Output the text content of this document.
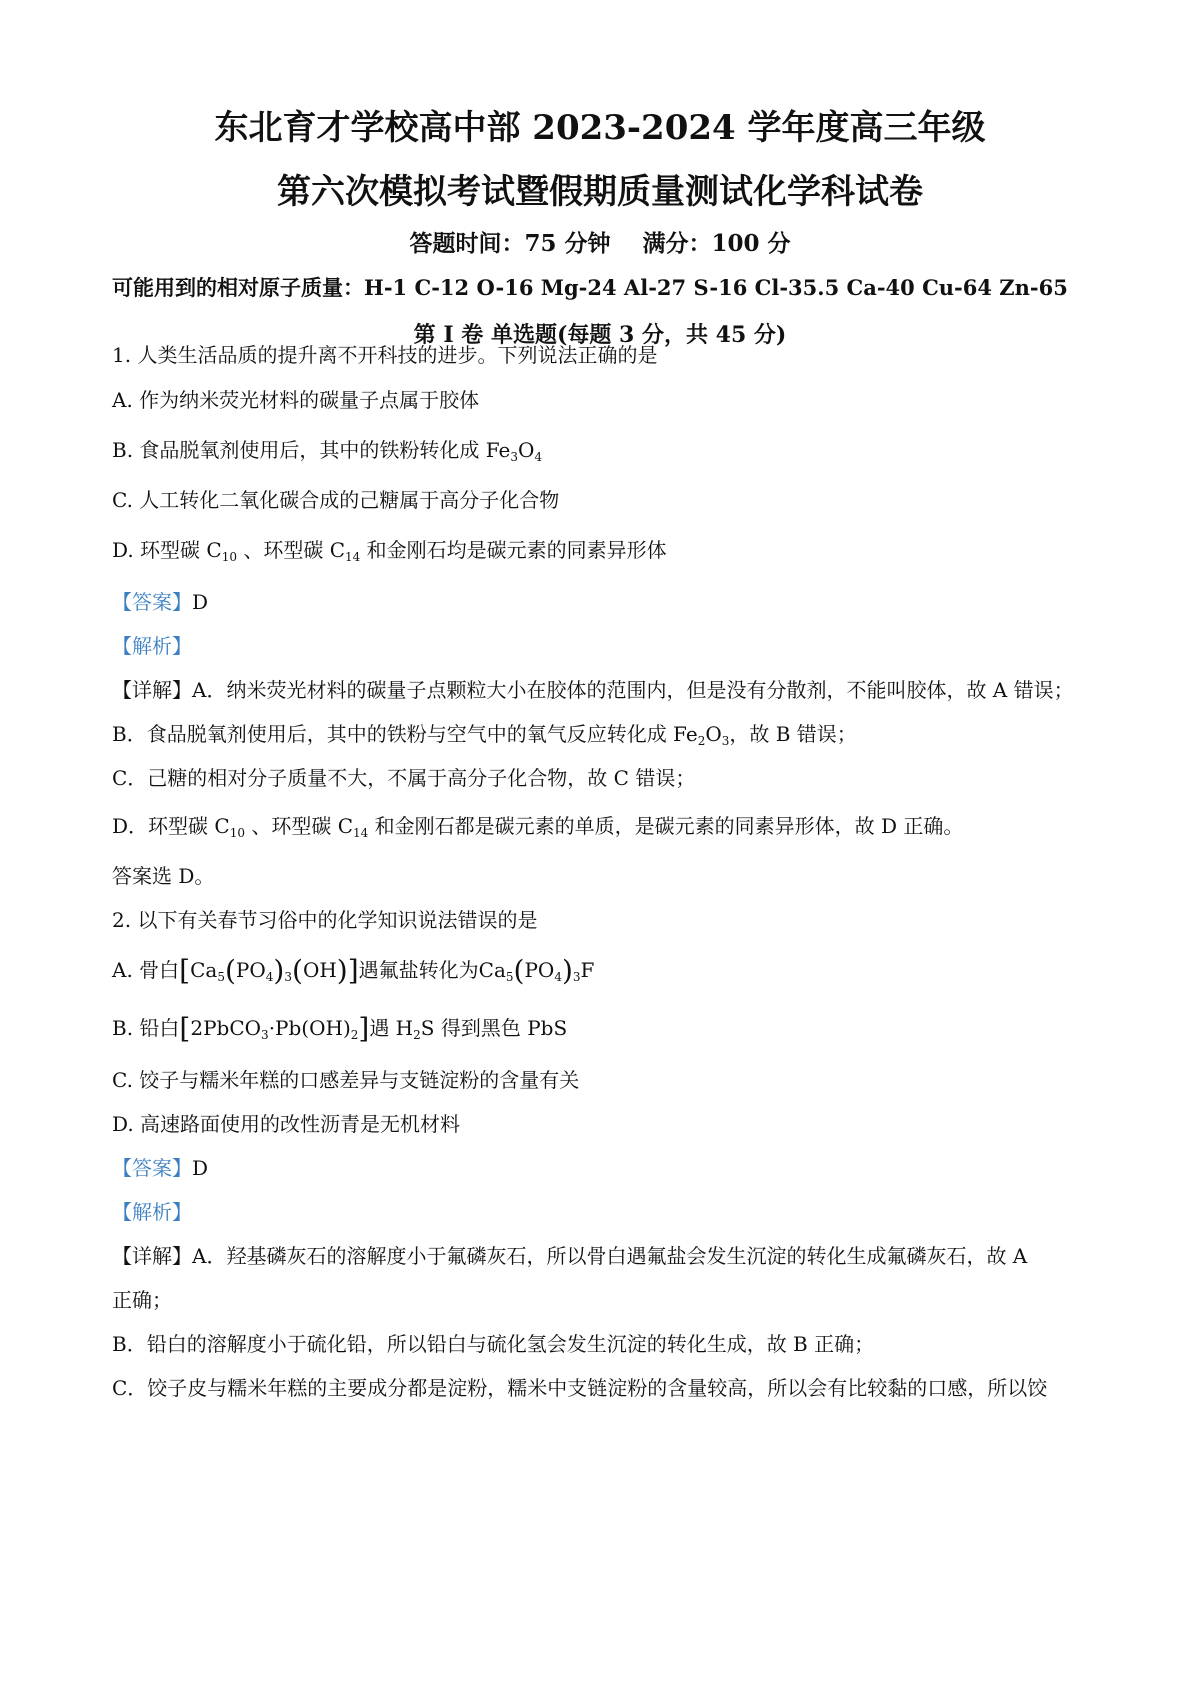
东北育才学校高中部 2023-2024 学年度高三年级
第六次模拟考试暨假期质量测试化学科试卷
答题时间：75 分钟    满分：100 分
可能用到的相对原子质量：H-1 C-12 O-16 Mg-24 Al-27 S-16 Cl-35.5 Ca-40 Cu-64 Zn-65
第 I 卷 单选题(每题 3 分，共 45 分)
1. 人类生活品质的提升离不开科技的进步。下列说法正确的是
A. 作为纳米荧光材料的碳量子点属于胶体
B. 食品脱氧剂使用后，其中的铁粉转化成 $Fe_3O_4$
C. 人工转化二氧化碳合成的己糖属于高分子化合物
D. 环型碳 $C_{10}$ 、环型碳 $C_{14}$ 和金刚石均是碳元素的同素异形体
【答案】D
【解析】
【详解】A．纳米荧光材料的碳量子点颗粒大小在胶体的范围内，但是没有分散剂，不能叫胶体，故 A 错误；
B．食品脱氧剂使用后，其中的铁粉与空气中的氧气反应转化成 $Fe_2O_3$，故 B 错误；
C．己糖的相对分子质量不大，不属于高分子化合物，故 C 错误；
D．环型碳 $C_{10}$ 、环型碳 $C_{14}$ 和金刚石都是碳元素的单质，是碳元素的同素异形体，故 D 正确。
答案选 D。
2. 以下有关春节习俗中的化学知识说法错误的是
A. 骨白$[Ca_5(PO_4)_3(OH)]$遇氟盐转化为$Ca_5(PO_4)_3F$
B. 铅白$[2PbCO_3\cdot Pb(OH)_2]$遇 $H_2S$ 得到黑色 PbS
C. 饺子与糯米年糕的口感差异与支链淀粉的含量有关
D. 高速路面使用的改性沥青是无机材料
【答案】D
【解析】
【详解】A．羟基磷灰石的溶解度小于氟磷灰石，所以骨白遇氟盐会发生沉淀的转化生成氟磷灰石，故 A
正确；
B．铅白的溶解度小于硫化铅，所以铅白与硫化氢会发生沉淀的转化生成，故 B 正确；
C．饺子皮与糯米年糕的主要成分都是淀粉，糯米中支链淀粉的含量较高，所以会有比较黏的口感，所以饺
